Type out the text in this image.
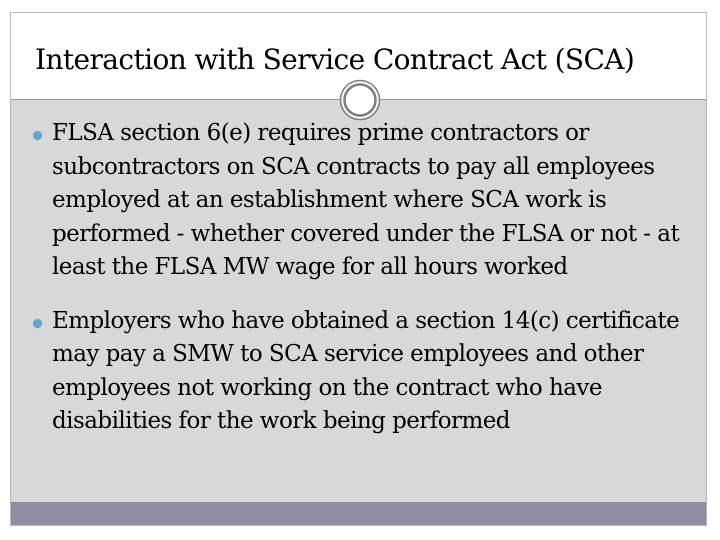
Interaction with Service Contract Act (SCA)
FLSA section 6(e) requires prime contractors or subcontractors on SCA contracts to pay all employees employed at an establishment where SCA work is performed - whether covered under the FLSA or not - at least the FLSA MW wage for all hours worked
Employers who have obtained a section 14(c) certificate may pay a SMW to SCA service employees and other employees not working on the contract who have disabilities for the work being performed
